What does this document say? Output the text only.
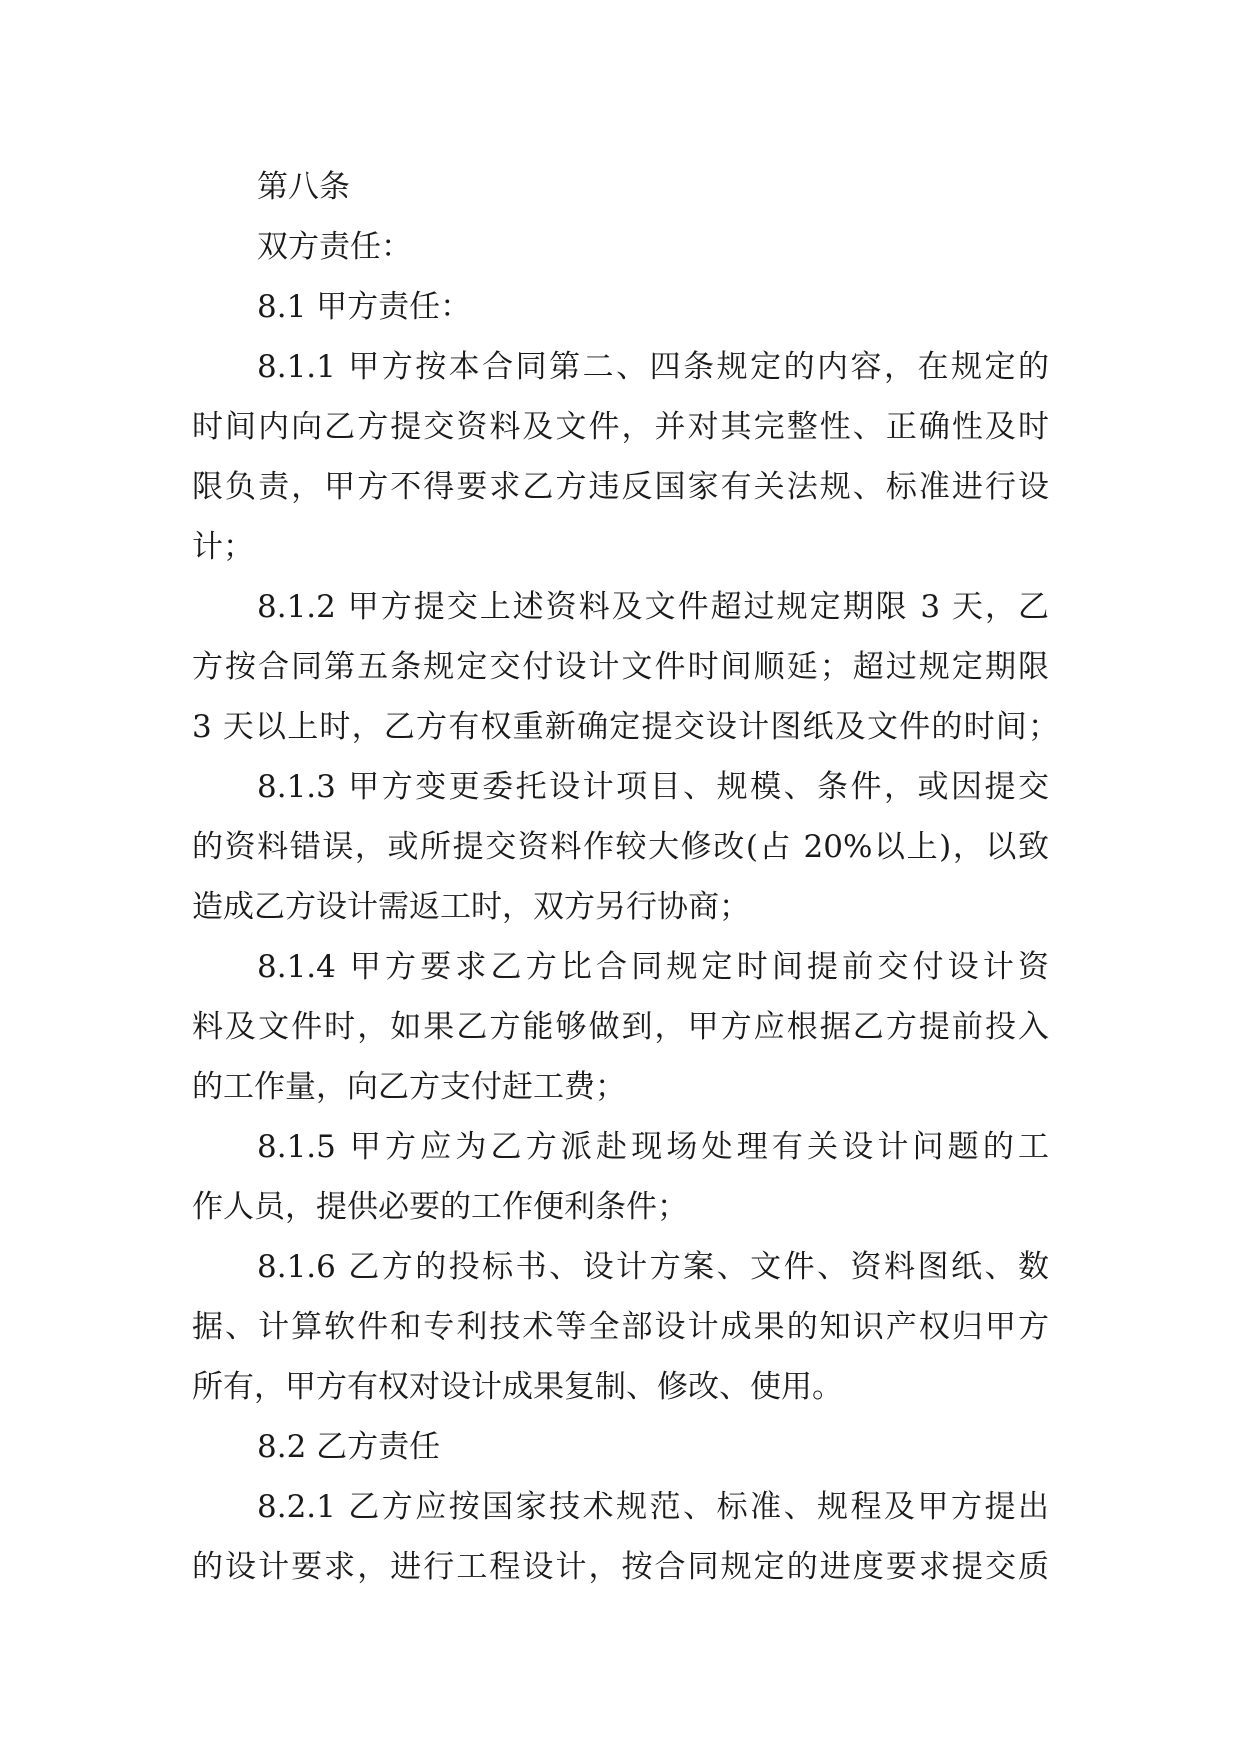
第八条

双方责任：

8.1 甲方责任：

8.1.1 甲方按本合同第二、四条规定的内容，在规定的

时间内向乙方提交资料及文件，并对其完整性、正确性及时

限负责，甲方不得要求乙方违反国家有关法规、标准进行设

计；

8.1.2 甲方提交上述资料及文件超过规定期限 3 天，乙

方按合同第五条规定交付设计文件时间顺延；超过规定期限

3 天以上时，乙方有权重新确定提交设计图纸及文件的时间；

8.1.3 甲方变更委托设计项目、规模、条件，或因提交

的资料错误，或所提交资料作较大修改(占 20%以上)，以致

造成乙方设计需返工时，双方另行协商；

8.1.4 甲方要求乙方比合同规定时间提前交付设计资

料及文件时，如果乙方能够做到，甲方应根据乙方提前投入

的工作量，向乙方支付赶工费；

8.1.5 甲方应为乙方派赴现场处理有关设计问题的工

作人员，提供必要的工作便利条件；

8.1.6 乙方的投标书、设计方案、文件、资料图纸、数

据、计算软件和专利技术等全部设计成果的知识产权归甲方

所有，甲方有权对设计成果复制、修改、使用。

8.2 乙方责任

8.2.1 乙方应按国家技术规范、标准、规程及甲方提出

的设计要求，进行工程设计，按合同规定的进度要求提交质
